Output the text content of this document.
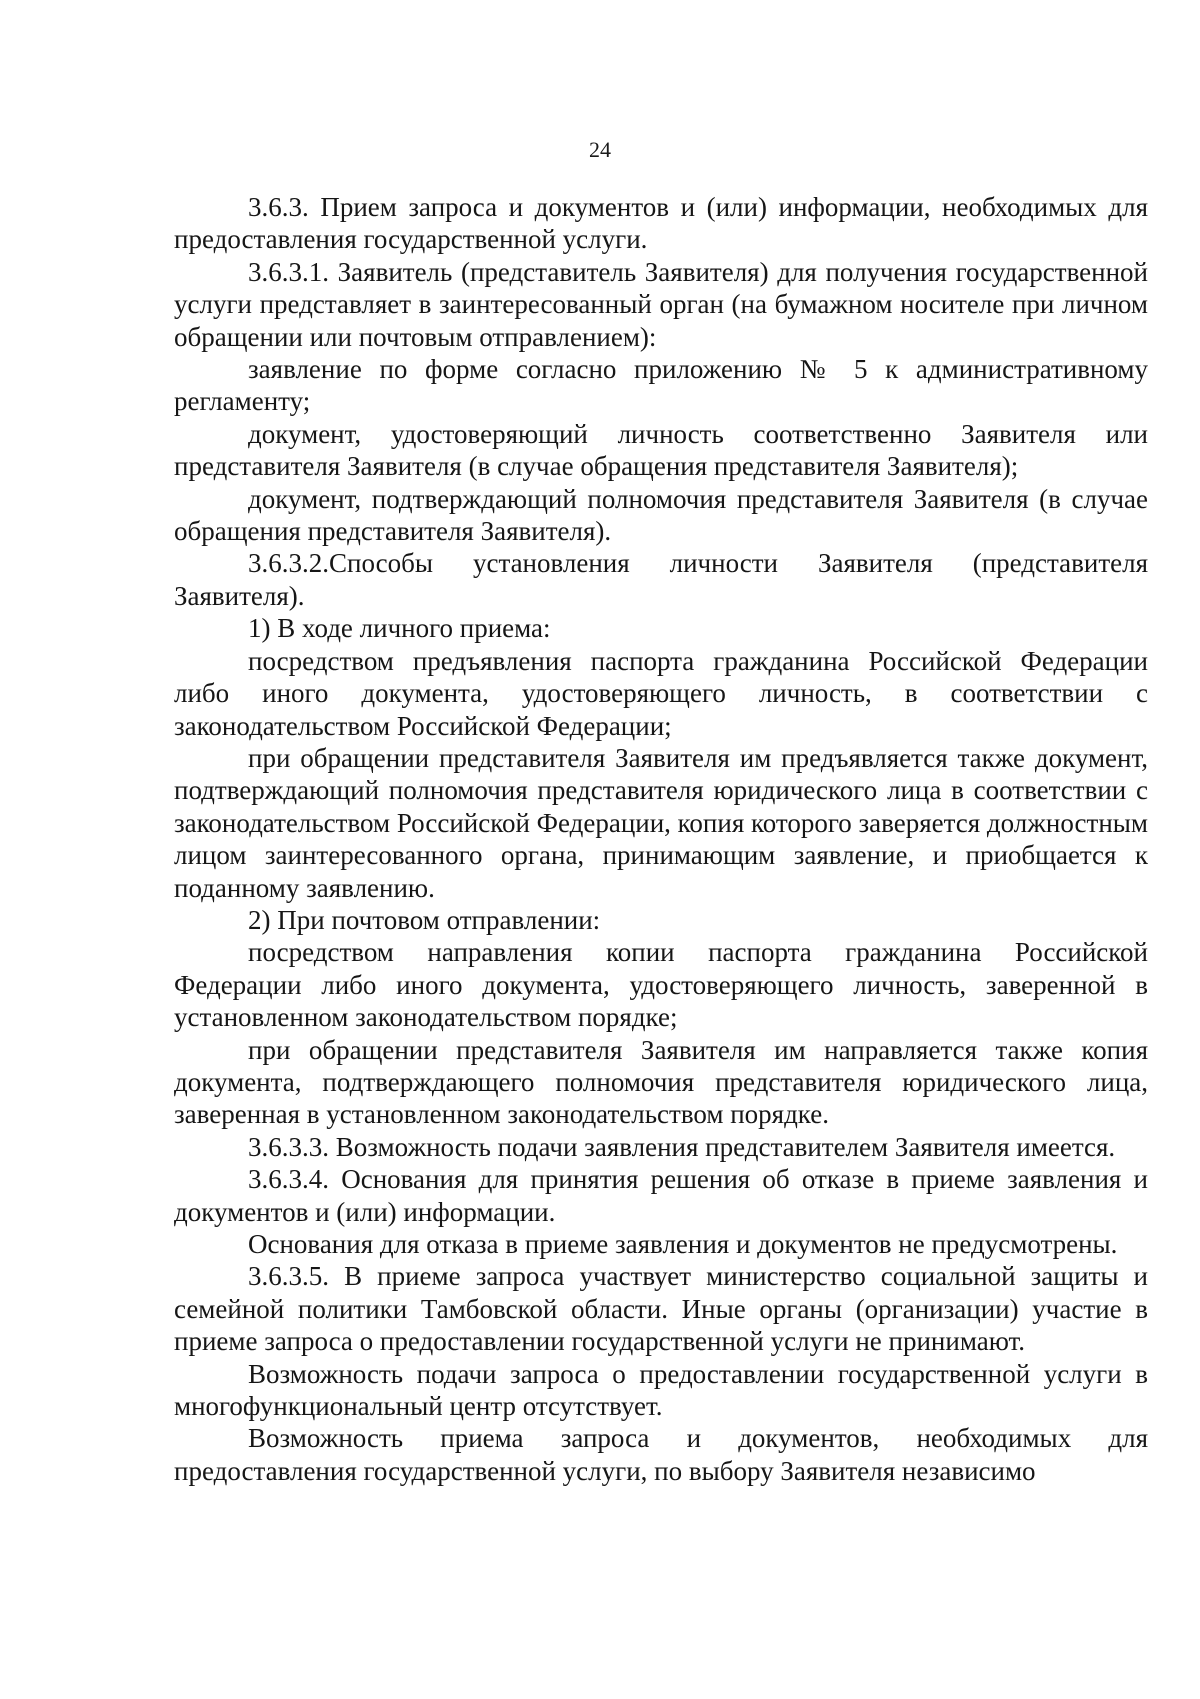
24

3.6.3. Прием запроса и документов и (или) информации, необходимых для предоставления государственной услуги.

3.6.3.1. Заявитель (представитель Заявителя) для получения государственной услуги представляет в заинтересованный орган (на бумажном носителе при личном обращении или почтовым отправлением):

заявление по форме согласно приложению № 5 к административному регламенту;

документ, удостоверяющий личность соответственно Заявителя или представителя Заявителя (в случае обращения представителя Заявителя);

документ, подтверждающий полномочия представителя Заявителя (в случае обращения представителя Заявителя).

3.6.3.2.Способы установления личности Заявителя (представителя Заявителя).

1) В ходе личного приема:

посредством предъявления паспорта гражданина Российской Федерации либо иного документа, удостоверяющего личность, в соответствии с законодательством Российской Федерации;

при обращении представителя Заявителя им предъявляется также документ, подтверждающий полномочия представителя юридического лица в соответствии с законодательством Российской Федерации, копия которого заверяется должностным лицом заинтересованного органа, принимающим заявление, и приобщается к поданному заявлению.

2) При почтовом отправлении:

посредством направления копии паспорта гражданина Российской Федерации либо иного документа, удостоверяющего личность, заверенной в установленном законодательством порядке;

при обращении представителя Заявителя им направляется также копия документа, подтверждающего полномочия представителя юридического лица, заверенная в установленном законодательством порядке.

3.6.3.3. Возможность подачи заявления представителем Заявителя имеется.

3.6.3.4. Основания для принятия решения об отказе в приеме заявления и документов и (или) информации.

Основания для отказа в приеме заявления и документов не предусмотрены.

3.6.3.5. В приеме запроса участвует министерство социальной защиты и семейной политики Тамбовской области. Иные органы (организации) участие в приеме запроса о предоставлении государственной услуги не принимают.

Возможность подачи запроса о предоставлении государственной услуги в многофункциональный центр отсутствует.

Возможность приема запроса и документов, необходимых для предоставления государственной услуги, по выбору Заявителя независимо
